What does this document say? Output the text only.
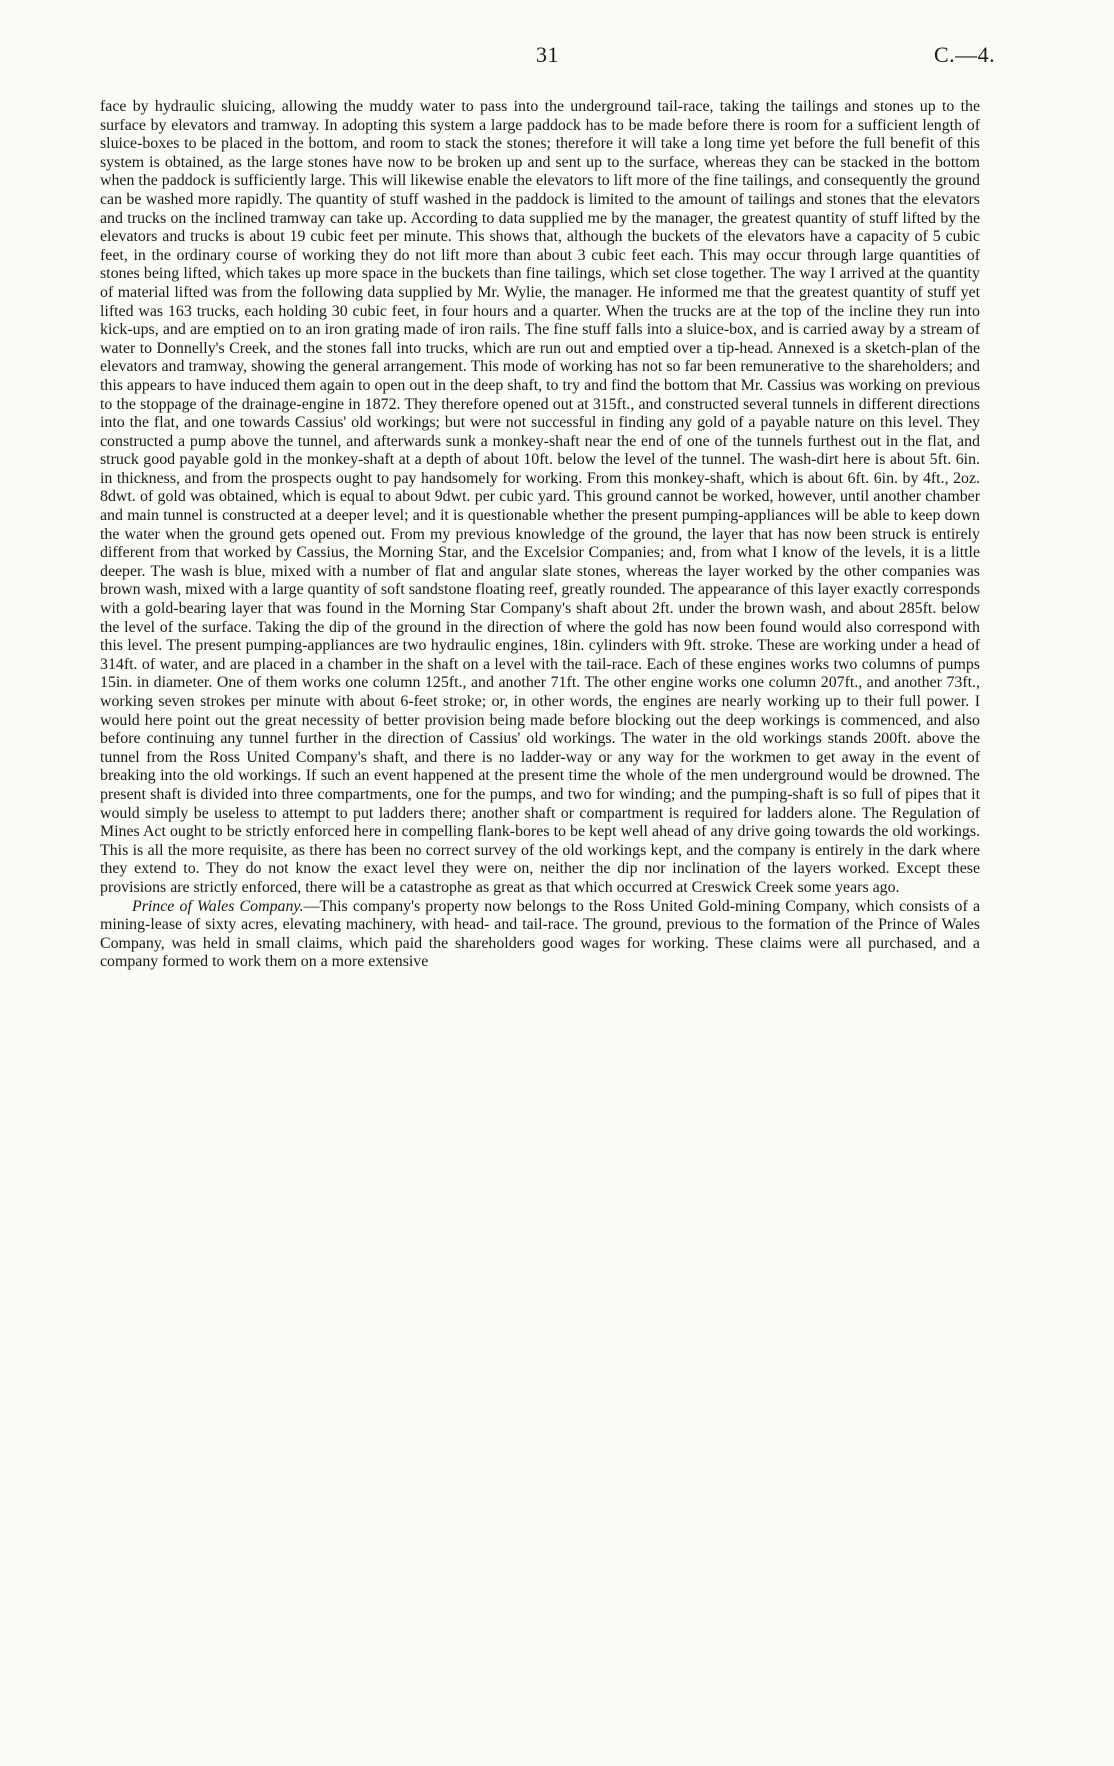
31	C.—4.

face by hydraulic sluicing, allowing the muddy water to pass into the underground tail-race, taking the tailings and stones up to the surface by elevators and tramway. In adopting this system a large paddock has to be made before there is room for a sufficient length of sluice-boxes to be placed in the bottom, and room to stack the stones; therefore it will take a long time yet before the full benefit of this system is obtained, as the large stones have now to be broken up and sent up to the surface, whereas they can be stacked in the bottom when the paddock is sufficiently large. This will likewise enable the elevators to lift more of the fine tailings, and consequently the ground can be washed more rapidly. The quantity of stuff washed in the paddock is limited to the amount of tailings and stones that the elevators and trucks on the inclined tramway can take up. According to data supplied me by the manager, the greatest quantity of stuff lifted by the elevators and trucks is about 19 cubic feet per minute. This shows that, although the buckets of the elevators have a capacity of 5 cubic feet, in the ordinary course of working they do not lift more than about 3 cubic feet each. This may occur through large quantities of stones being lifted, which takes up more space in the buckets than fine tailings, which set close together. The way I arrived at the quantity of material lifted was from the following data supplied by Mr. Wylie, the manager. He informed me that the greatest quantity of stuff yet lifted was 163 trucks, each holding 30 cubic feet, in four hours and a quarter. When the trucks are at the top of the incline they run into kick-ups, and are emptied on to an iron grating made of iron rails. The fine stuff falls into a sluice-box, and is carried away by a stream of water to Donnelly's Creek, and the stones fall into trucks, which are run out and emptied over a tip-head. Annexed is a sketch-plan of the elevators and tramway, showing the general arrangement. This mode of working has not so far been remunerative to the shareholders; and this appears to have induced them again to open out in the deep shaft, to try and find the bottom that Mr. Cassius was working on previous to the stoppage of the drainage-engine in 1872. They therefore opened out at 315ft., and constructed several tunnels in different directions into the flat, and one towards Cassius' old workings; but were not successful in finding any gold of a payable nature on this level. They constructed a pump above the tunnel, and afterwards sunk a monkey-shaft near the end of one of the tunnels furthest out in the flat, and struck good payable gold in the monkey-shaft at a depth of about 10ft. below the level of the tunnel. The wash-dirt here is about 5ft. 6in. in thickness, and from the prospects ought to pay handsomely for working. From this monkey-shaft, which is about 6ft. 6in. by 4ft., 2oz. 8dwt. of gold was obtained, which is equal to about 9dwt. per cubic yard. This ground cannot be worked, however, until another chamber and main tunnel is constructed at a deeper level; and it is questionable whether the present pumping-appliances will be able to keep down the water when the ground gets opened out. From my previous knowledge of the ground, the layer that has now been struck is entirely different from that worked by Cassius, the Morning Star, and the Excelsior Companies; and, from what I know of the levels, it is a little deeper. The wash is blue, mixed with a number of flat and angular slate stones, whereas the layer worked by the other companies was brown wash, mixed with a large quantity of soft sandstone floating reef, greatly rounded. The appearance of this layer exactly corresponds with a gold-bearing layer that was found in the Morning Star Company's shaft about 2ft. under the brown wash, and about 285ft. below the level of the surface. Taking the dip of the ground in the direction of where the gold has now been found would also correspond with this level. The present pumping-appliances are two hydraulic engines, 18in. cylinders with 9ft. stroke. These are working under a head of 314ft. of water, and are placed in a chamber in the shaft on a level with the tail-race. Each of these engines works two columns of pumps 15in. in diameter. One of them works one column 125ft., and another 71ft. The other engine works one column 207ft., and another 73ft., working seven strokes per minute with about 6-feet stroke; or, in other words, the engines are nearly working up to their full power. I would here point out the great necessity of better provision being made before blocking out the deep workings is commenced, and also before continuing any tunnel further in the direction of Cassius' old workings. The water in the old workings stands 200ft. above the tunnel from the Ross United Company's shaft, and there is no ladder-way or any way for the workmen to get away in the event of breaking into the old workings. If such an event happened at the present time the whole of the men underground would be drowned. The present shaft is divided into three compartments, one for the pumps, and two for winding; and the pumping-shaft is so full of pipes that it would simply be useless to attempt to put ladders there; another shaft or compartment is required for ladders alone. The Regulation of Mines Act ought to be strictly enforced here in compelling flank-bores to be kept well ahead of any drive going towards the old workings. This is all the more requisite, as there has been no correct survey of the old workings kept, and the company is entirely in the dark where they extend to. They do not know the exact level they were on, neither the dip nor inclination of the layers worked. Except these provisions are strictly enforced, there will be a catastrophe as great as that which occurred at Creswick Creek some years ago.

Prince of Wales Company.—This company's property now belongs to the Ross United Gold-mining Company, which consists of a mining-lease of sixty acres, elevating machinery, with head- and tail-race. The ground, previous to the formation of the Prince of Wales Company, was held in small claims, which paid the shareholders good wages for working. These claims were all purchased, and a company formed to work them on a more extensive
